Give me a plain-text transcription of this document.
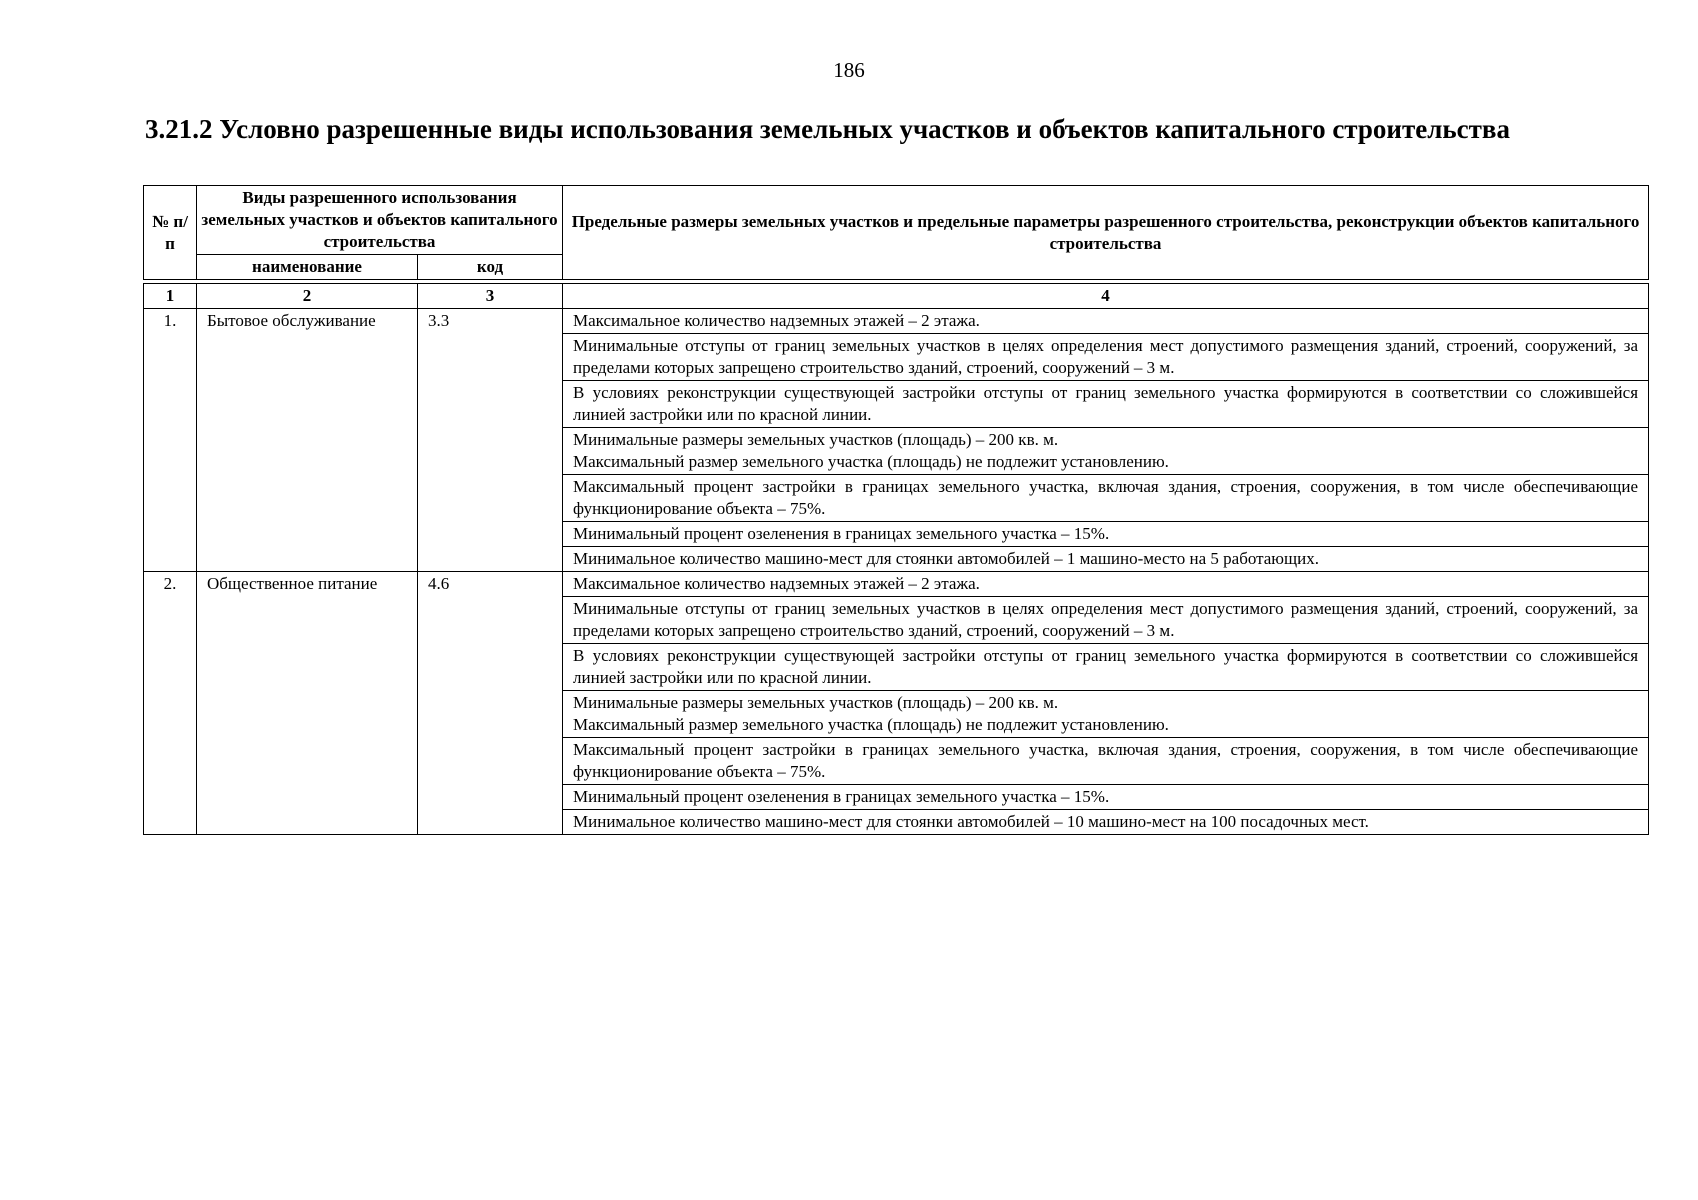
186
3.21.2 Условно разрешенные виды использования земельных участков и объектов капитального строительства
№ п/п	Виды разрешенного использования земельных участков и объектов капитального строительства		Предельные размеры земельных участков и предельные параметры разрешенного строительства, реконструкции объектов капитального строительства
	наименование	код	

1	2	3	4
1.	Бытовое обслуживание	3.3	Максимальное количество надземных этажей – 2 этажа.

			Минимальные отступы от границ земельных участков в целях определения мест допустимого размещения зданий, строений, сооружений, за пределами которых запрещено строительство зданий, строений, сооружений – 3 м.

			В условиях реконструкции существующей застройки отступы от границ земельного участка формируются в соответствии со сложившейся линией застройки или по красной линии.

			Минимальные размеры земельных участков (площадь) – 200 кв. м.
Максимальный размер земельного участка (площадь) не подлежит установлению.

			Максимальный процент застройки в границах земельного участка, включая здания, строения, сооружения, в том числе обеспечивающие функционирование объекта – 75%.

			Минимальный процент озеленения в границах земельного участка – 15%.

			Минимальное количество машино-мест для стоянки автомобилей – 1 машино-место на 5 работающих.

2.	Общественное питание	4.6	Максимальное количество надземных этажей – 2 этажа.

			Минимальные отступы от границ земельных участков в целях определения мест допустимого размещения зданий, строений, сооружений, за пределами которых запрещено строительство зданий, строений, сооружений – 3 м.

			В условиях реконструкции существующей застройки отступы от границ земельного участка формируются в соответствии со сложившейся линией застройки или по красной линии.

			Минимальные размеры земельных участков (площадь) – 200 кв. м.
Максимальный размер земельного участка (площадь) не подлежит установлению.

			Максимальный процент застройки в границах земельного участка, включая здания, строения, сооружения, в том числе обеспечивающие функционирование объекта – 75%.

			Минимальный процент озеленения в границах земельного участка – 15%.

			Минимальное количество машино-мест для стоянки автомобилей – 10 машино-мест на 100 посадочных мест.
